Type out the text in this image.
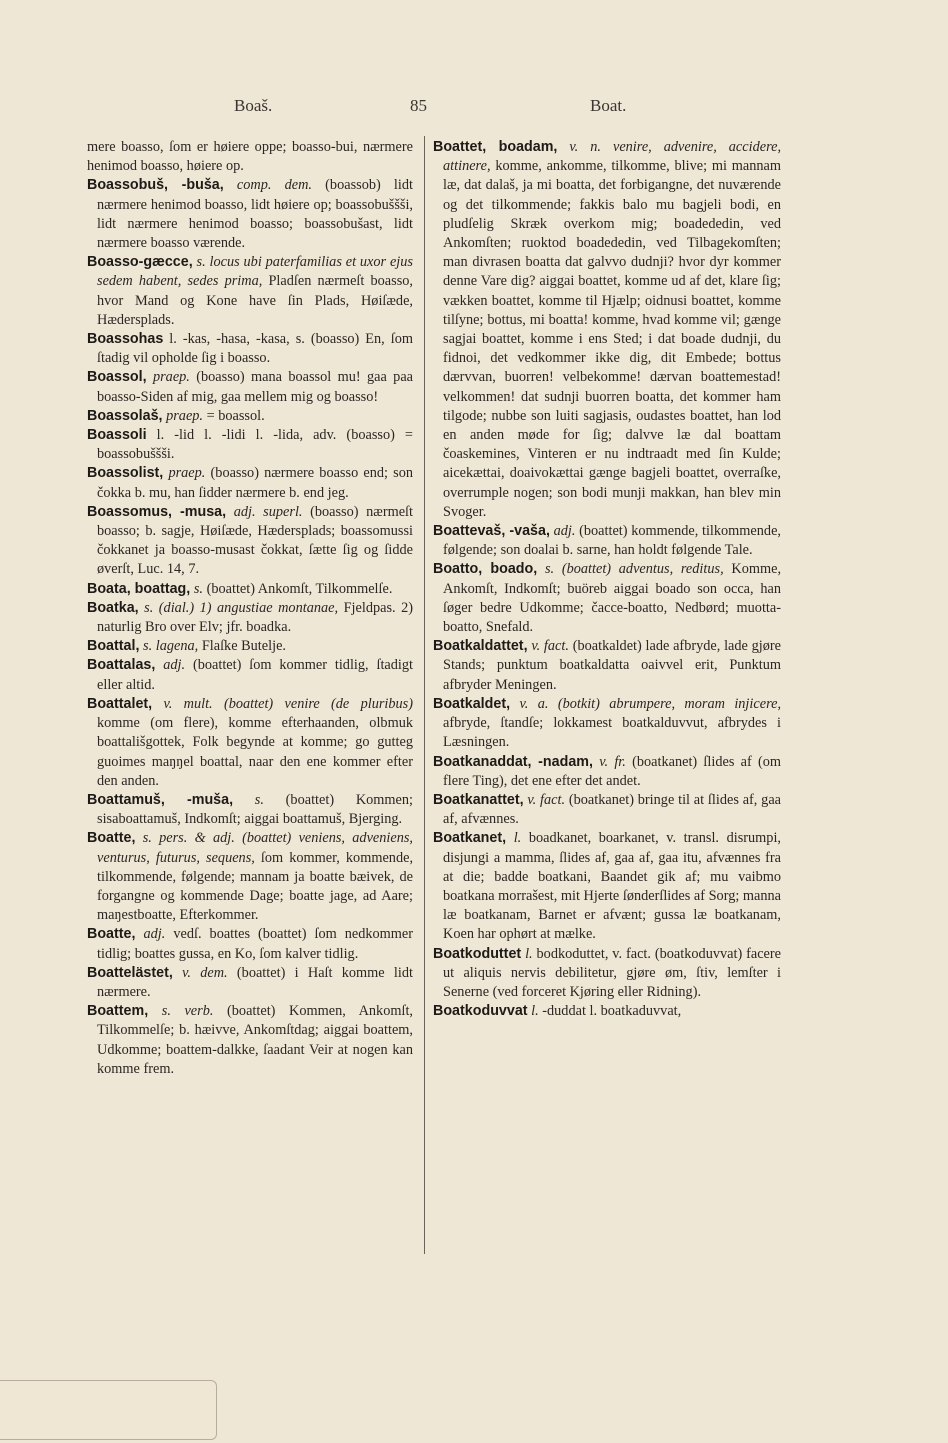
Boaš.	85	Boat.

mere boasso, ſom er høiere oppe; boasso-bui, nærmere henimod boasso, høiere op.

Boassobuš, -buša, comp. dem. (boassob) lidt nærmere henimod boasso, lidt høiere op; boassobuššši, lidt nærmere henimod boasso; boassobušast, lidt nærmere boasso værende.

Boasso-gæcce, s. locus ubi paterfamilias et uxor ejus sedem habent, sedes prima, Pladſen nærmeſt boasso, hvor Mand og Kone have ſin Plads, Høiſæde, Hædersplads.

Boassohas l. -kas, -hasa, -kasa, s. (boasso) En, ſom ſtadig vil opholde ſig i boasso.

Boassol, praep. (boasso) mana boassol mu! gaa paa boasso-Siden af mig, gaa mellem mig og boasso!

Boassolaš, praep. = boassol.

Boassoli l. -lid l. -lidi l. -lida, adv. (boasso) = boassobuššši.

Boassolist, praep. (boasso) nærmere boasso end; son čokka b. mu, han ſidder nærmere b. end jeg.

Boassomus, -musa, adj. superl. (boasso) nærmeſt boasso; b. sagje, Høiſæde, Hædersplads; boassomussi čokkanet ja boasso-musast čokkat, ſætte ſig og ſidde øverſt, Luc. 14, 7.

Boata, boattag, s. (boattet) Ankomſt, Tilkommelſe.

Boatka, s. (dial.) 1) angustiae montanae, Fjeldpas. 2) naturlig Bro over Elv; jfr. boadka.

Boattal, s. lagena, Flaſke Butelje.

Boattalas, adj. (boattet) ſom kommer tidlig, ſtadigt eller altid.

Boattalet, v. mult. (boattet) venire (de pluribus) komme (om flere), komme efterhaanden, olbmuk boattališgottek, Folk begynde at komme; go gutteg guoimes maŋŋel boattal, naar den ene kommer efter den anden.

Boattamuš, -muša, s. (boattet) Kommen; sisaboattamuš, Indkomſt; aiggai boattamuš, Bjerging.

Boatte, s. pers. & adj. (boattet) veniens, adveniens, venturus, futurus, sequens, ſom kommer, kommende, tilkommende, følgende; mannam ja boatte bæivek, de forgangne og kommende Dage; boatte jage, ad Aare; maŋestboatte, Efterkommer.

Boatte, adj. vedſ. boattes (boattet) ſom nedkommer tidlig; boattes gussa, en Ko, ſom kalver tidlig.

Boattelästet, v. dem. (boattet) i Haſt komme lidt nærmere.

Boattem, s. verb. (boattet) Kommen, Ankomſt, Tilkommelſe; b. hæivve, Ankomſtdag; aiggai boattem, Udkomme; boattem-dalkke, ſaadant Veir at nogen kan komme frem.

Boattet, boadam, v. n. venire, advenire, accidere, attinere, komme, ankomme, tilkomme, blive; mi mannam læ, dat dalaš, ja mi boatta, det forbigangne, det nuværende og det tilkommende; fakkis balo mu bagjeli bodi, en pludſelig Skræk overkom mig; boadededin, ved Ankomſten; ruoktod boadededin, ved Tilbagekomſten; man divrasen boatta dat galvvo dudnji? hvor dyr kommer denne Vare dig? aiggai boattet, komme ud af det, klare ſig; vækken boattet, komme til Hjælp; oidnusi boattet, komme tilſyne; bottus, mi boatta! komme, hvad komme vil; gænge sagjai boattet, komme i ens Sted; i dat boade dudnji, du fidnoi, det vedkommer ikke dig, dit Embede; bottus dærvvan, buorren! velbekomme! dærvan boattemestad! velkommen! dat sudnji buorren boatta, det kommer ham tilgode; nubbe son luiti sagjasis, oudastes boattet, han lod en anden møde for ſig; dalvve læ dal boattam čoaskemines, Vinteren er nu indtraadt med ſin Kulde; aicekættai, doaivokættai gænge bagjeli boattet, overraſke, overrumple nogen; son bodi munji makkan, han blev min Svoger.

Boattevaš, -vaša, adj. (boattet) kommende, tilkommende, følgende; son doalai b. sarne, han holdt følgende Tale.

Boatto, boado, s. (boattet) adventus, reditus, Komme, Ankomſt, Indkomſt; buöreb aiggai boado son occa, han ſøger bedre Udkomme; čacce-boatto, Nedbørd; muotta-boatto, Snefald.

Boatkaldattet, v. fact. (boatkaldet) lade afbryde, lade gjøre Stands; punktum boatkaldatta oaivvel erit, Punktum afbryder Meningen.

Boatkaldet, v. a. (botkit) abrumpere, moram injicere, afbryde, ſtandſe; lokkamest boatkalduvvut, afbrydes i Læsningen.

Boatkanaddat, -nadam, v. fr. (boatkanet) ſlides af (om flere Ting), det ene efter det andet.

Boatkanattet, v. fact. (boatkanet) bringe til at ſlides af, gaa af, afvænnes.

Boatkanet, l. boadkanet, boarkanet, v. transl. disrumpi, disjungi a mamma, ſlides af, gaa af, gaa itu, afvænnes fra at die; badde boatkani, Baandet gik af; mu vaibmo boatkana morrašest, mit Hjerte ſønderſlides af Sorg; manna læ boatkanam, Barnet er afvænt; gussa læ boatkanam, Koen har ophørt at mælke.

Boatkoduttet l. bodkoduttet, v. fact. (boatkoduvvat) facere ut aliquis nervis debilitetur, gjøre øm, ſtiv, lemſter i Senerne (ved forceret Kjøring eller Ridning).

Boatkoduvvat l. -duddat l. boatkaduvvat,
